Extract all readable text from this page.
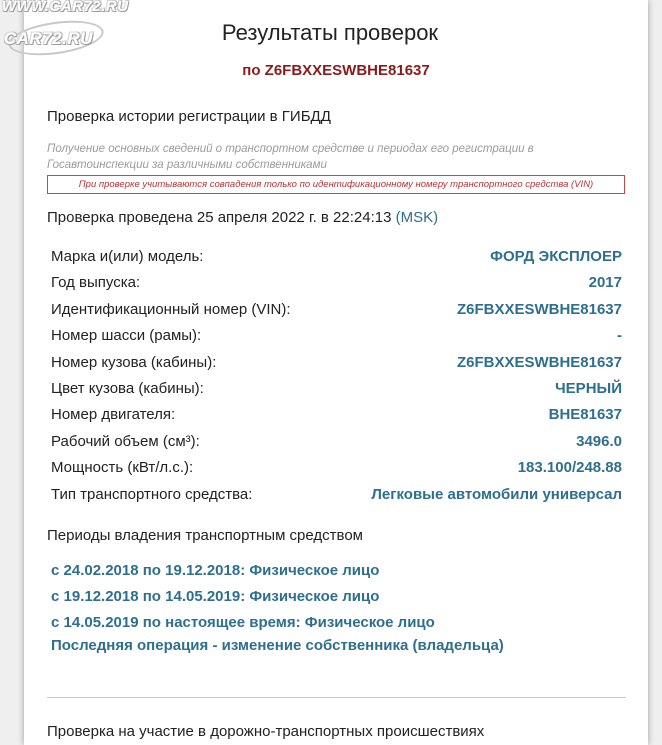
WWW.CAR72.RU
CAR72.RU	Результаты проверок
по Z6FBXXESWBHE81637
Проверка истории регистрации в ГИБДД
Получение основных сведений о транспортном средстве и периодах его регистрации в Госавтоинспекции за различными собственниками
При проверке учитываются совпадения только по идентификационному номеру транспортного средства (VIN)
Проверка проведена 25 апреля 2022 г. в 22:24:13 (MSK)
Марка и(или) модель:	ФОРД ЭКСПЛОЕР
Год выпуска:	2017
Идентификационный номер (VIN):	Z6FBXXESWBHE81637
Номер шасси (рамы):	-
Номер кузова (кабины):	Z6FBXXESWBHE81637
Цвет кузова (кабины):	ЧЕРНЫЙ
Номер двигателя:	BHE81637
Рабочий объем (см³):	3496.0
Мощность (кВт/л.с.):	183.100/248.88
Тип транспортного средства:	Легковые автомобили универсал
Периоды владения транспортным средством
с 24.02.2018 по 19.12.2018: Физическое лицо
с 19.12.2018 по 14.05.2019: Физическое лицо
с 14.05.2019 по настоящее время: Физическое лицо
Последняя операция - изменение собственника (владельца)
Проверка на участие в дорожно-транспортных происшествиях
